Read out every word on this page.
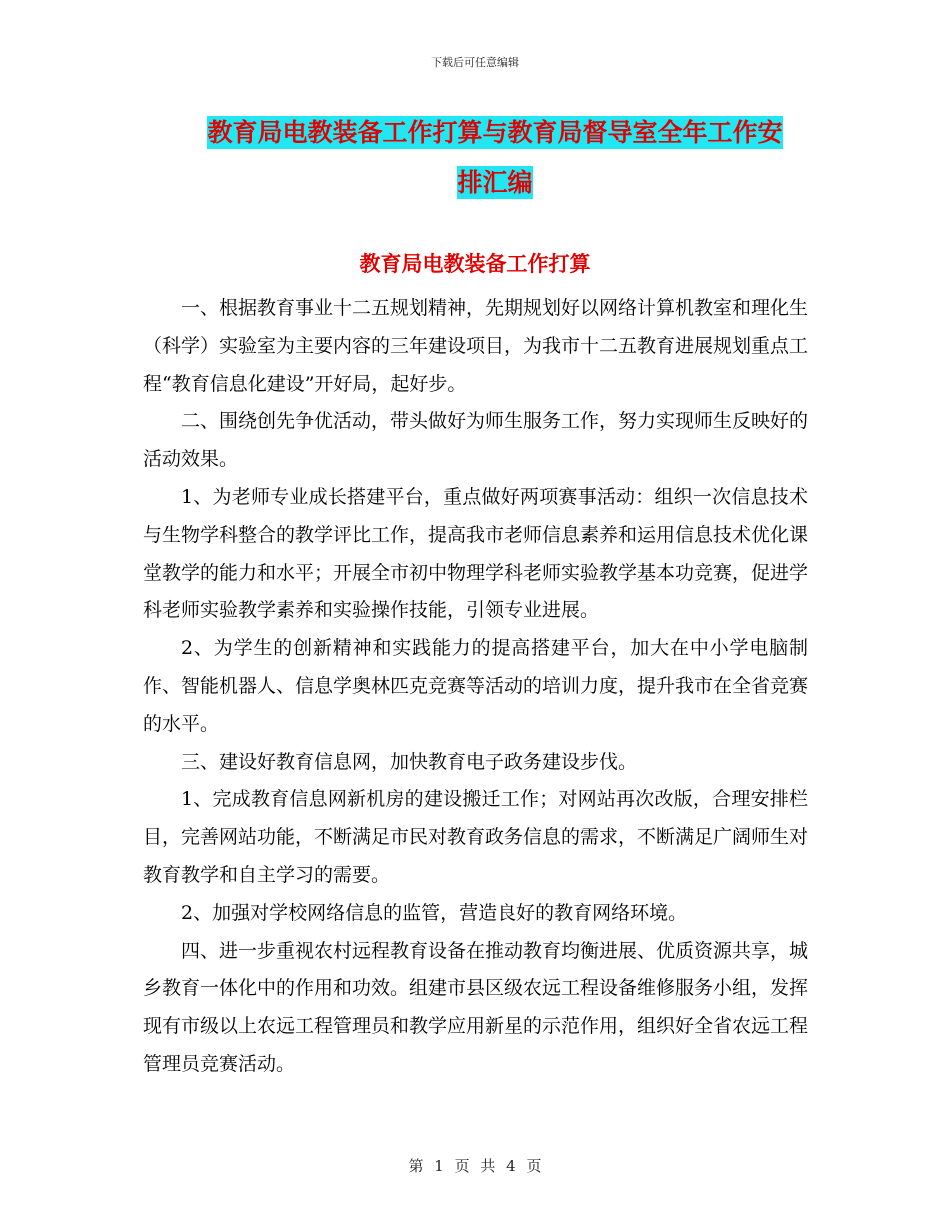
下载后可任意编辑
教育局电教装备工作打算与教育局督导室全年工作安
排汇编
教育局电教装备工作打算

一、根据教育事业十二五规划精神，先期规划好以网络计算机教室和理化生（科学）实验室为主要内容的三年建设项目，为我市十二五教育进展规划重点工程“教育信息化建设”开好局，起好步。

二、围绕创先争优活动，带头做好为师生服务工作，努力实现师生反映好的活动效果。

1、为老师专业成长搭建平台，重点做好两项赛事活动：组织一次信息技术与生物学科整合的教学评比工作，提高我市老师信息素养和运用信息技术优化课堂教学的能力和水平；开展全市初中物理学科老师实验教学基本功竞赛，促进学科老师实验教学素养和实验操作技能，引领专业进展。

2、为学生的创新精神和实践能力的提高搭建平台，加大在中小学电脑制作、智能机器人、信息学奥林匹克竞赛等活动的培训力度，提升我市在全省竞赛的水平。

三、建设好教育信息网，加快教育电子政务建设步伐。

1、完成教育信息网新机房的建设搬迁工作；对网站再次改版，合理安排栏目，完善网站功能，不断满足市民对教育政务信息的需求，不断满足广阔师生对教育教学和自主学习的需要。

2、加强对学校网络信息的监管，营造良好的教育网络环境。

四、进一步重视农村远程教育设备在推动教育均衡进展、优质资源共享，城乡教育一体化中的作用和功效。组建市县区级农远工程设备维修服务小组，发挥现有市级以上农远工程管理员和教学应用新星的示范作用，组织好全省农远工程管理员竞赛活动。

第 1 页 共 4 页
